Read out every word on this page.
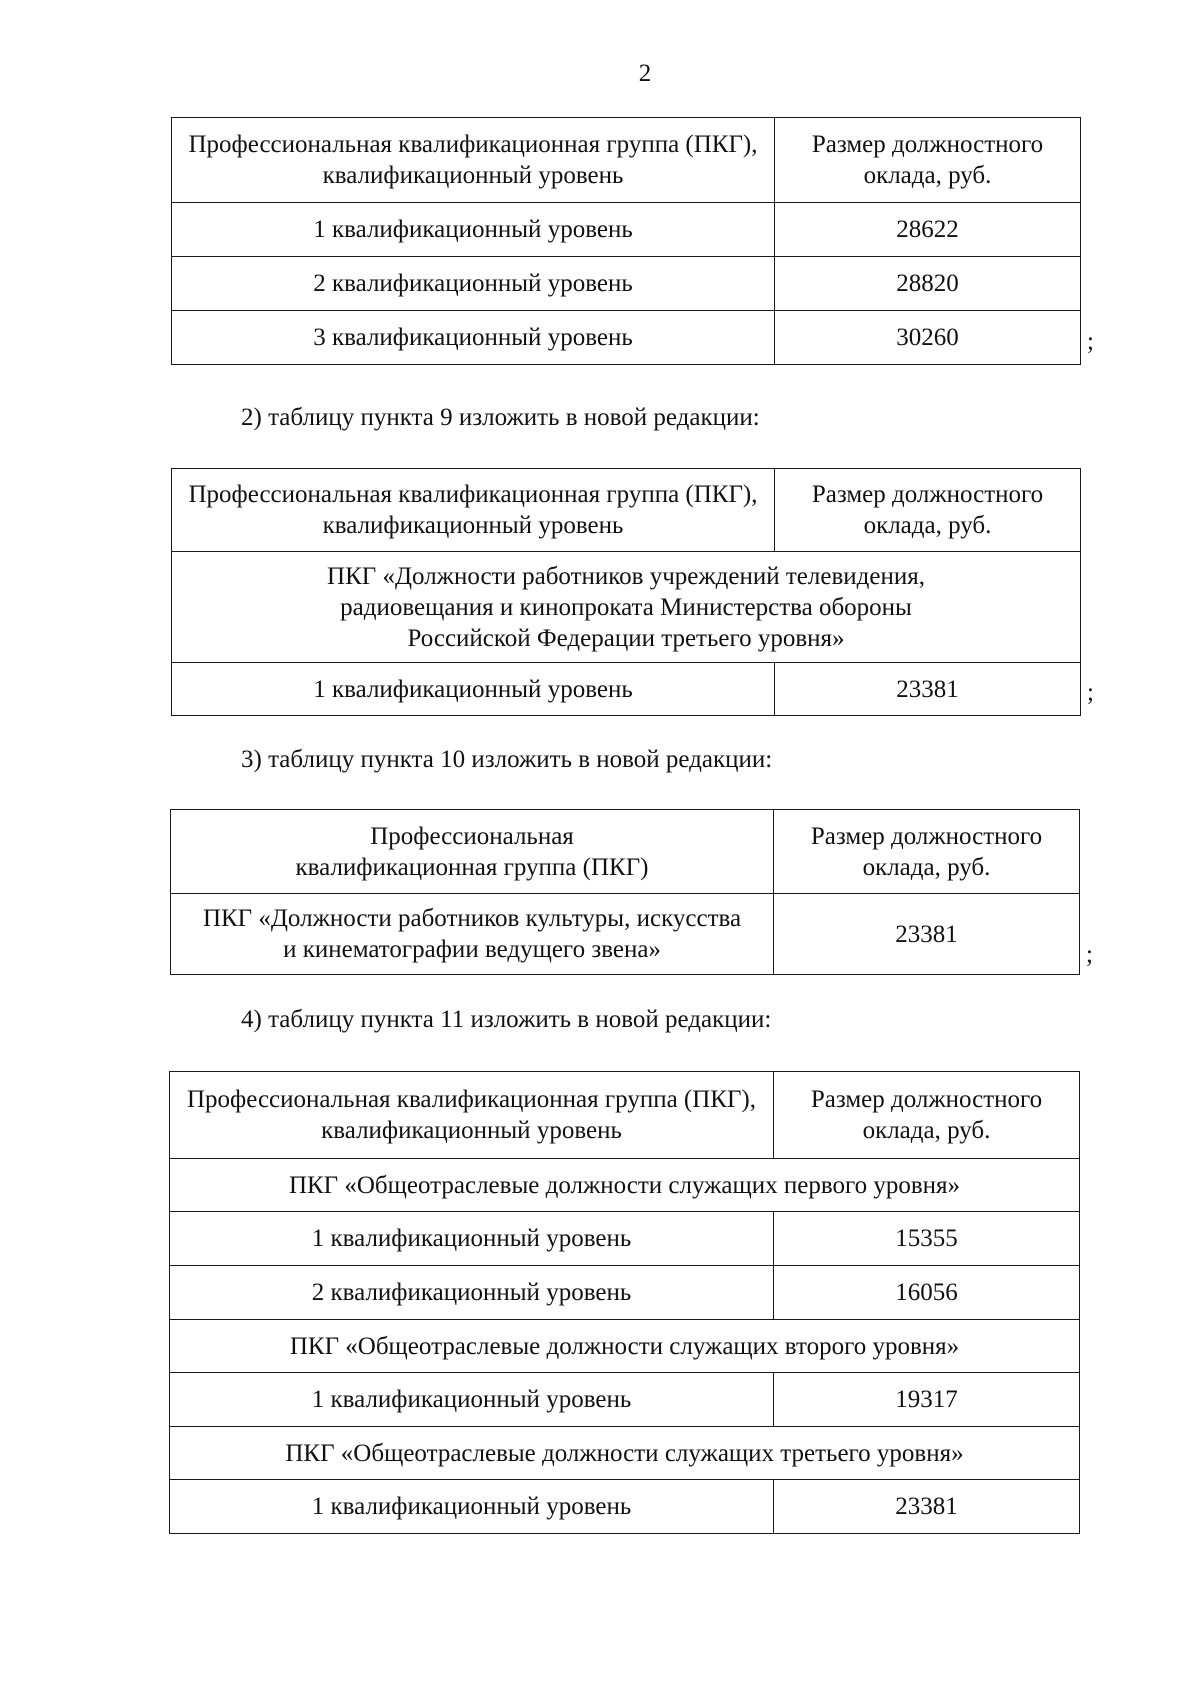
2
Профессиональная квалификационная группа (ПКГ), квалификационный уровень	Размер должностного оклада, руб.
1 квалификационный уровень	28622
2 квалификационный уровень	28820
3 квалификационный уровень	30260	;
2) таблицу пункта 9 изложить в новой редакции:
Профессиональная квалификационная группа (ПКГ), квалификационный уровень	Размер должностного оклада, руб.
ПКГ «Должности работников учреждений телевидения, радиовещания и кинопроката Министерства обороны Российской Федерации третьего уровня»	
1 квалификационный уровень	23381	;
3) таблицу пункта 10 изложить в новой редакции:
Профессиональная квалификационная группа (ПКГ)	Размер должностного оклада, руб.
ПКГ «Должности работников культуры, искусства и кинематографии ведущего звена»	23381
;
4) таблицу пункта 11 изложить в новой редакции:
Профессиональная квалификационная группа (ПКГ), квалификационный уровень	Размер должностного оклада, руб.
ПКГ «Общеотраслевые должности служащих первого уровня»	
1 квалификационный уровень	15355
2 квалификационный уровень	16056
ПКГ «Общеотраслевые должности служащих второго уровня»	
1 квалификационный уровень	19317
ПКГ «Общеотраслевые должности служащих третьего уровня»	
1 квалификационный уровень	23381
